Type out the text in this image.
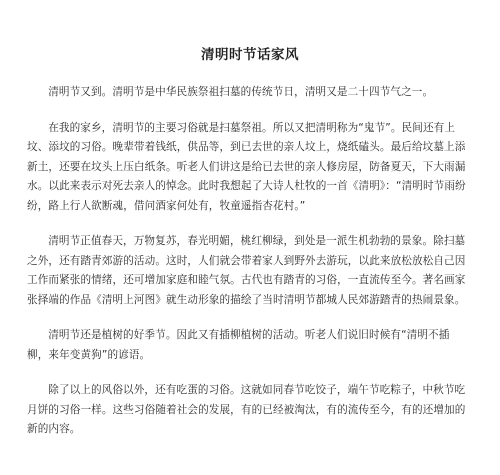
清明时节话家风

清明节又到。清明节是中华民族祭祖扫墓的传统节日，清明又是二十四节气之一。

在我的家乡，清明节的主要习俗就是扫墓祭祖。所以又把清明称为“鬼节”。民间还有上坟、添坟的习俗。晚辈带着钱纸，供品等，到已去世的亲人坟上，烧纸磕头。最后给坟墓上添新土，还要在坟头上压白纸条。听老人们讲这是给已去世的亲人修房屋，防备夏天，下大雨漏水。以此来表示对死去亲人的悼念。此时我想起了大诗人杜牧的一首《清明》：“清明时节雨纷纷，路上行人欲断魂，借问酒家何处有，牧童遥指杏花村。”

清明节正值春天，万物复苏，春光明媚，桃红柳绿，到处是一派生机勃勃的景象。除扫墓之外，还有踏青郊游的活动。这时，人们就会带着家人到野外去游玩，以此来放松放松自己因工作而紧张的情绪，还可增加家庭和睦气氛。古代也有踏青的习俗，一直流传至今。著名画家张择端的作品《清明上河图》就生动形象的描绘了当时清明节都城人民郊游踏青的热闹景象。

清明节还是植树的好季节。因此又有插柳植树的活动。听老人们说旧时候有“清明不插柳，来年变黄狗”的谚语。

除了以上的风俗以外，还有吃蛋的习俗。这就如同春节吃饺子，端午节吃粽子，中秋节吃月饼的习俗一样。这些习俗随着社会的发展，有的已经被淘汰，有的流传至今，有的还增加的新的内容。
